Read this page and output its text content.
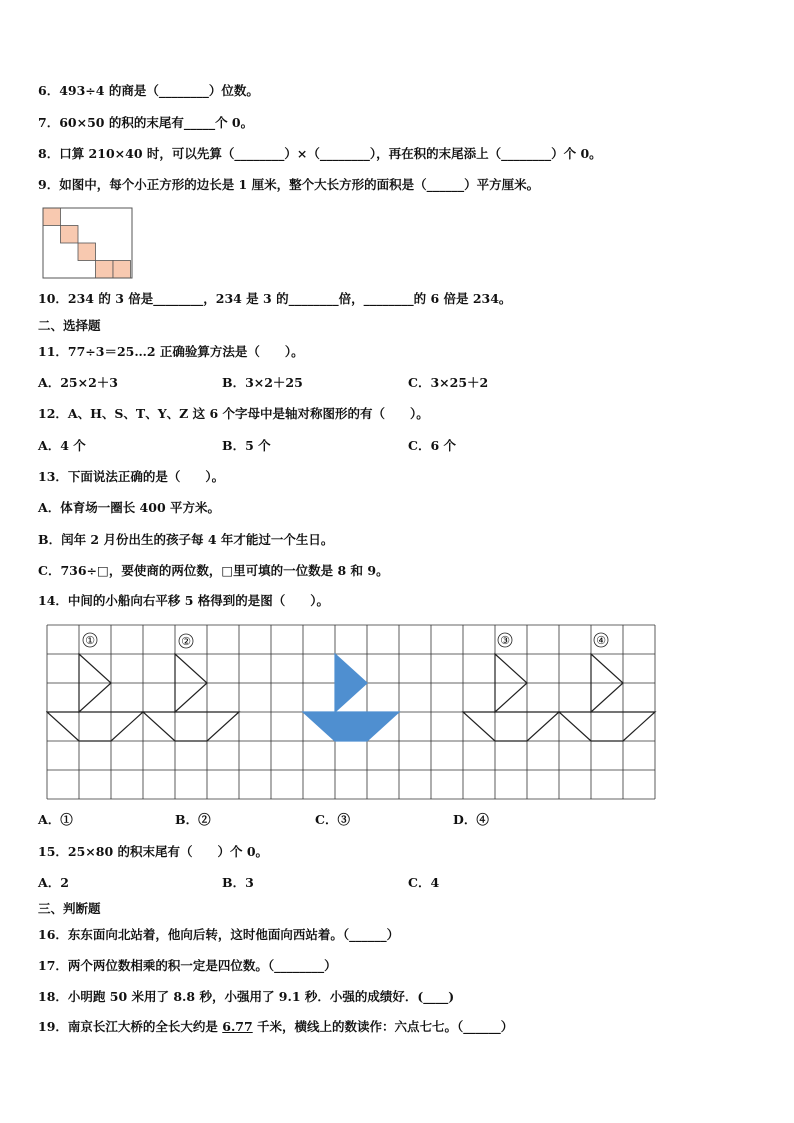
6．493÷4 的商是（________）位数。
7．60×50 的积的末尾有_____个 0。
8．口算 210×40 时，可以先算（________）×（________），再在积的末尾添上（________）个 0。
9．如图中，每个小正方形的边长是 1 厘米，整个大长方形的面积是（______）平方厘米。
10．234 的 3 倍是________，234 是 3 的________倍，________的 6 倍是 234。
二、选择题
11．77÷3＝25…2 正确验算方法是（　　）。
A．25×2＋3	B．3×2＋25	C．3×25＋2
12．A、H、S、T、Y、Z 这 6 个字母中是轴对称图形的有（　　）。
A．4 个	B．5 个	C．6 个
13．下面说法正确的是（　　）。
A．体育场一圈长 400 平方米。
B．闰年 2 月份出生的孩子每 4 年才能过一个生日。
C．736÷□，要使商的两位数，□里可填的一位数是 8 和 9。
14．中间的小船向右平移 5 格得到的是图（　　）。
①	②	③	④
A．①	B．②	C．③	D．④
15．25×80 的积末尾有（　　）个 0。
A．2	B．3	C．4
三、判断题
16．东东面向北站着，他向后转，这时他面向西站着。（______）
17．两个两位数相乘的积一定是四位数。（________）
18．小明跑 50 米用了 8.8 秒，小强用了 9.1 秒．小强的成绩好．(____)
19．南京长江大桥的全长大约是 6.77 千米，横线上的数读作：六点七七。（______）
